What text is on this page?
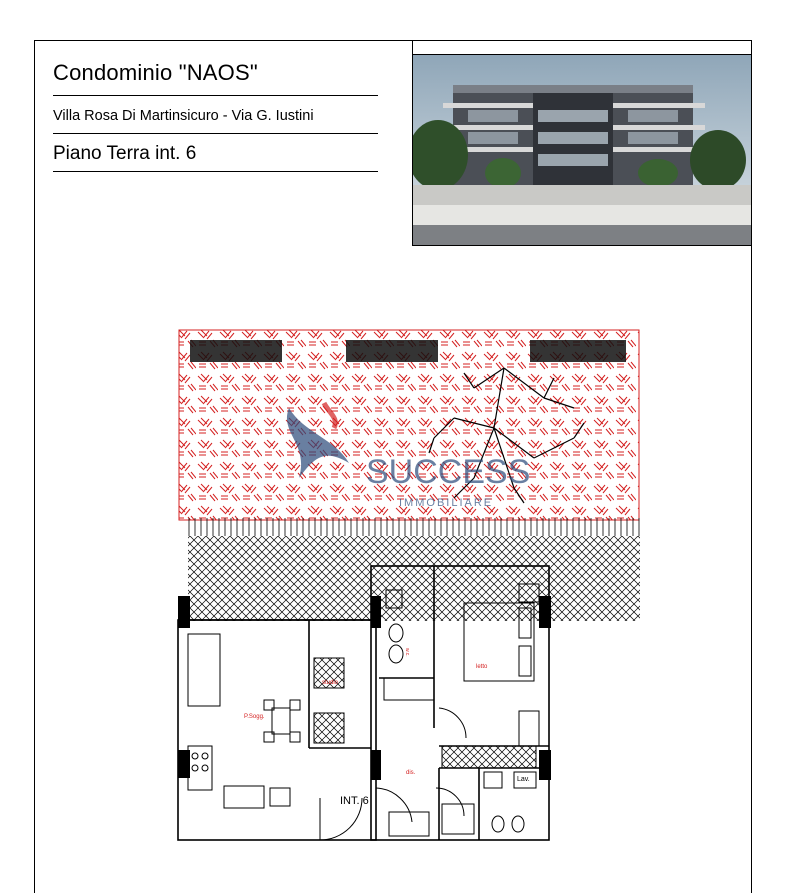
Condominio "NAOS"
Villa Rosa Di Martinsicuro - Via G. Iustini
Piano Terra int. 6
SUCCESS
IMMOBILIARE
P.Sogg.
studio
dis.
letto
w.c.
Lav.
INT. 6
